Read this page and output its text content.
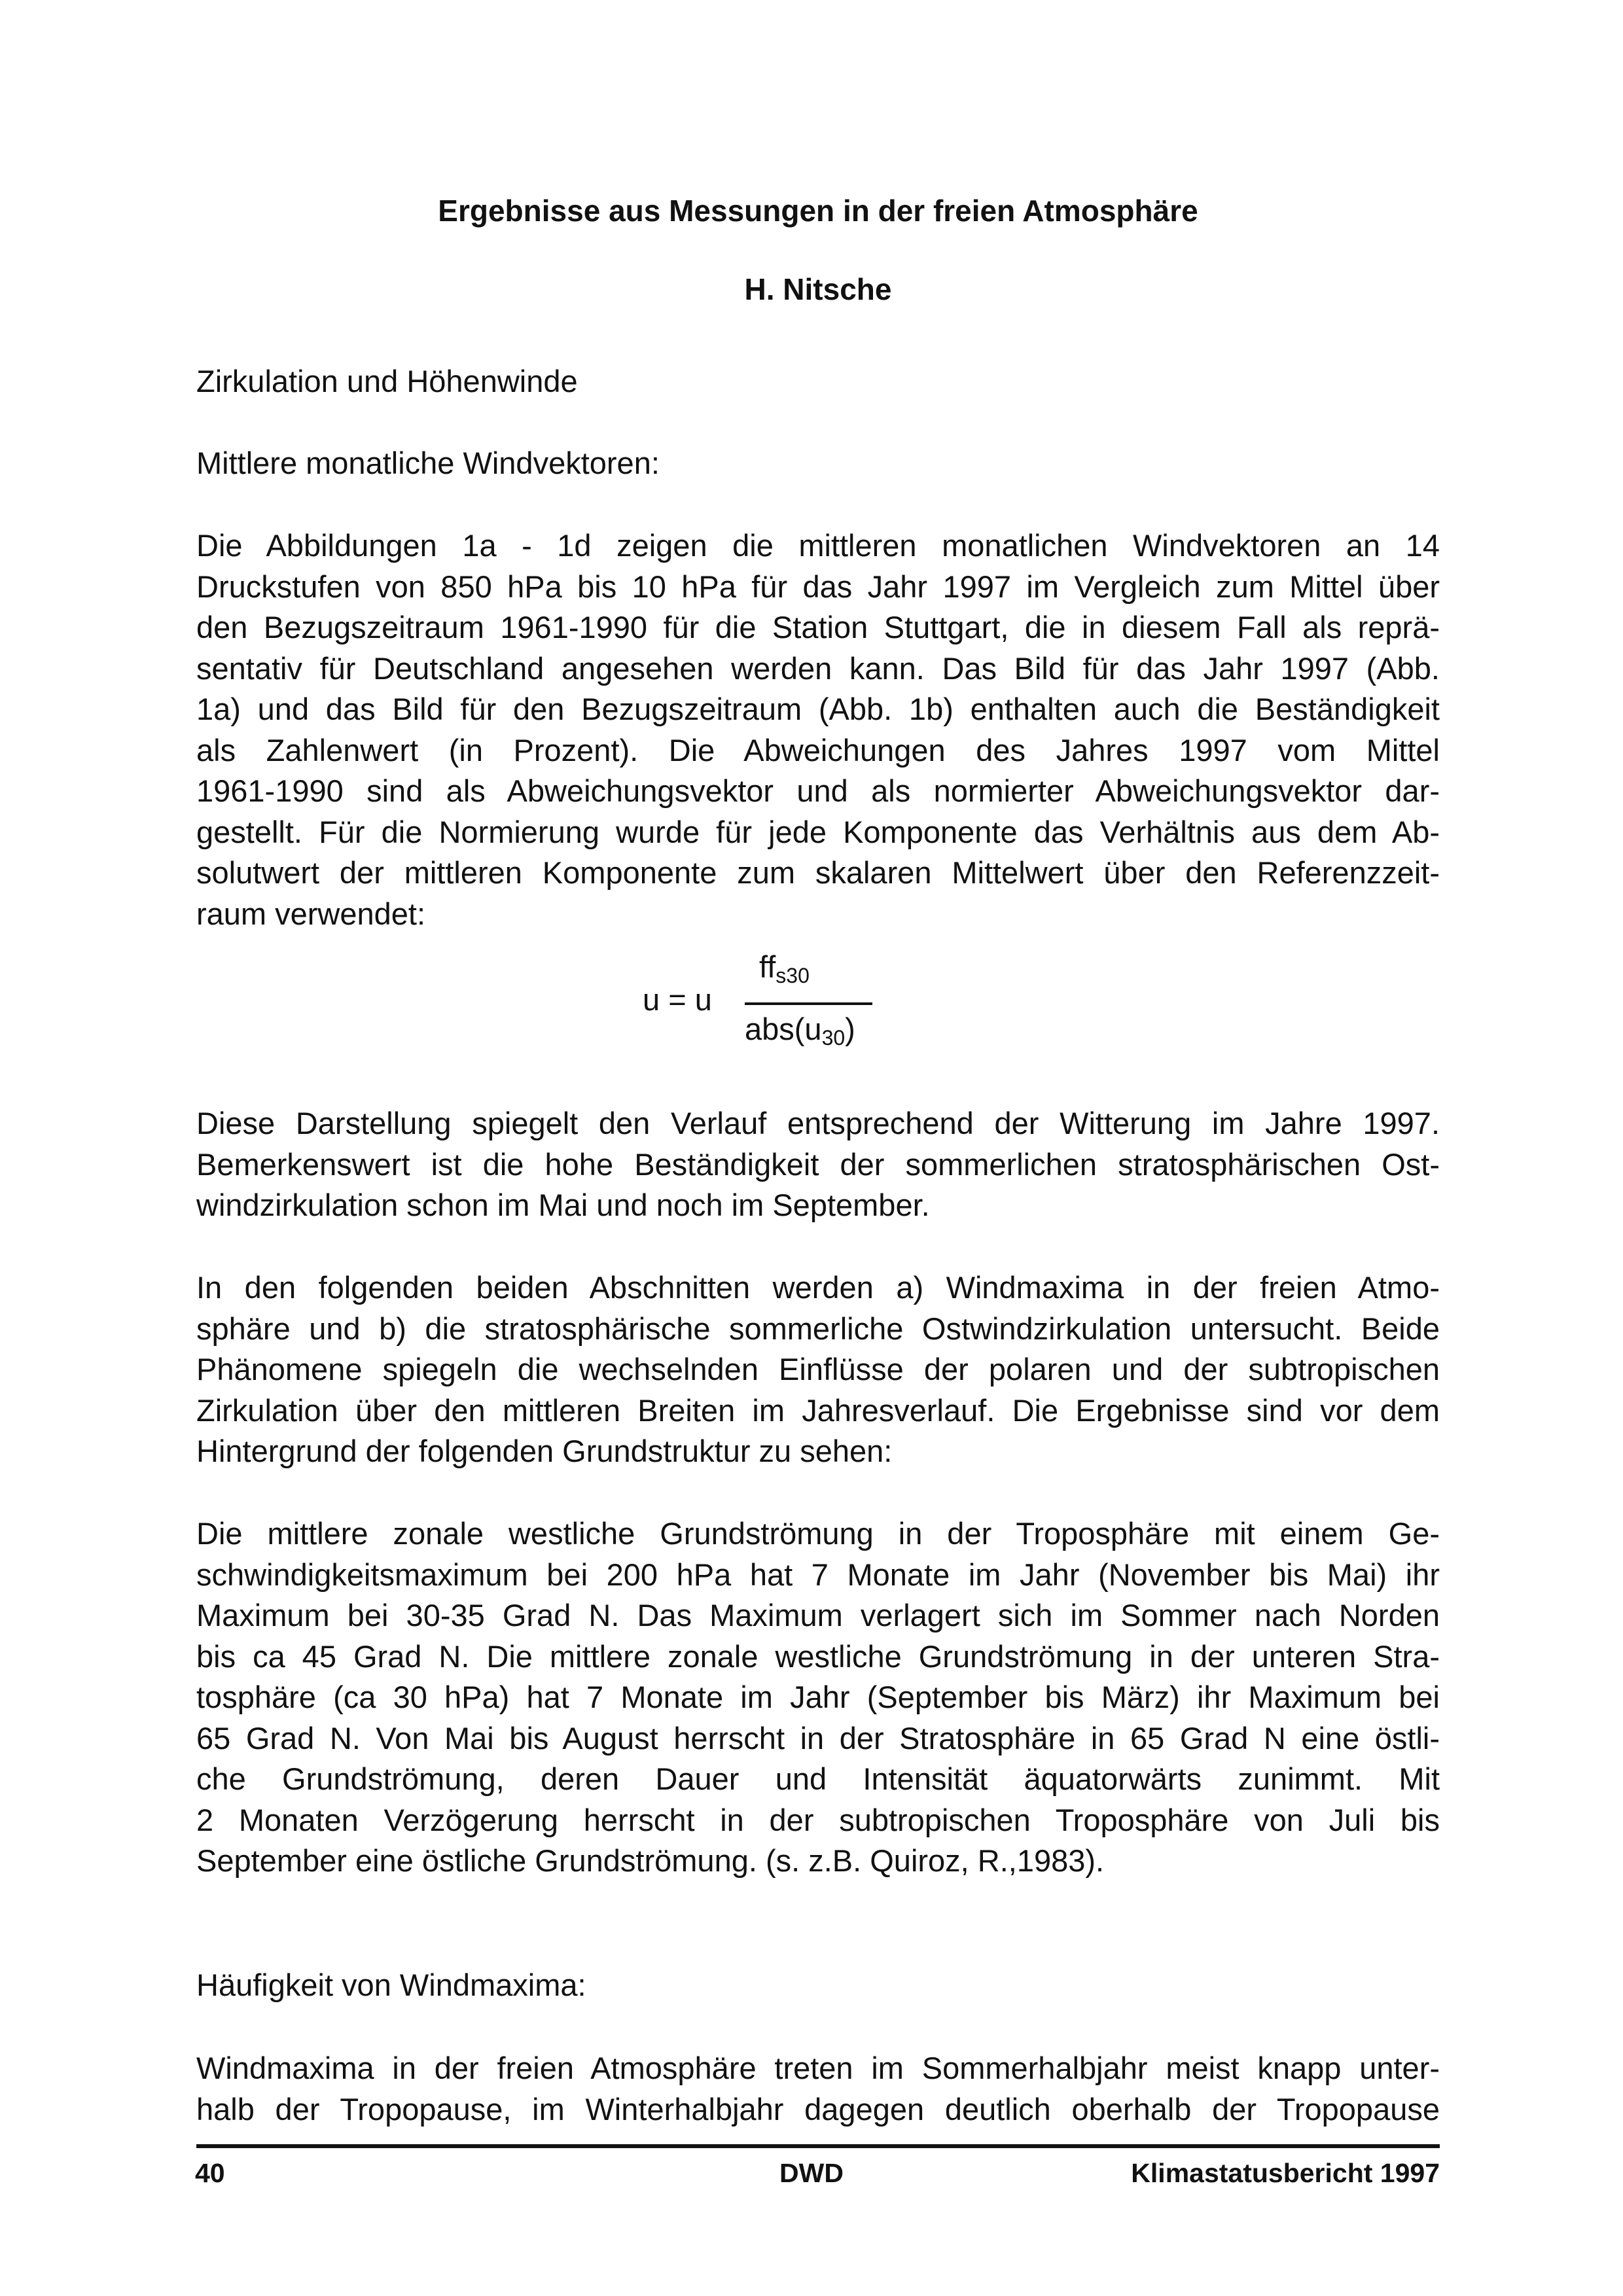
Ergebnisse aus Messungen in der freien Atmosphäre
H. Nitsche
Zirkulation und Höhenwinde
Mittlere monatliche Windvektoren:
Die Abbildungen 1a - 1d zeigen die mittleren monatlichen Windvektoren an 14
Druckstufen von 850 hPa bis 10 hPa für das Jahr 1997 im Vergleich zum Mittel über
den Bezugszeitraum 1961-1990 für die Station Stuttgart, die in diesem Fall als reprä-
sentativ für Deutschland angesehen werden kann. Das Bild für das Jahr 1997 (Abb.
1a) und das Bild für den Bezugszeitraum (Abb. 1b) enthalten auch die Beständigkeit
als Zahlenwert (in Prozent). Die Abweichungen des Jahres 1997 vom Mittel
1961-1990 sind als Abweichungsvektor und als normierter Abweichungsvektor dar-
gestellt. Für die Normierung wurde für jede Komponente das Verhältnis aus dem Ab-
solutwert der mittleren Komponente zum skalaren Mittelwert über den Referenzzeit-
raum verwendet:
u = u
$ff_{s30}$
$abs(u_{30})$
Diese Darstellung spiegelt den Verlauf entsprechend der Witterung im Jahre 1997.
Bemerkenswert ist die hohe Beständigkeit der sommerlichen stratosphärischen Ost-
windzirkulation schon im Mai und noch im September.
In den folgenden beiden Abschnitten werden a) Windmaxima in der freien Atmo-
sphäre und b) die stratosphärische sommerliche Ostwindzirkulation untersucht. Beide
Phänomene spiegeln die wechselnden Einflüsse der polaren und der subtropischen
Zirkulation über den mittleren Breiten im Jahresverlauf. Die Ergebnisse sind vor dem
Hintergrund der folgenden Grundstruktur zu sehen:
Die mittlere zonale westliche Grundströmung in der Troposphäre mit einem Ge-
schwindigkeitsmaximum bei 200 hPa hat 7 Monate im Jahr (November bis Mai) ihr
Maximum bei 30-35 Grad N. Das Maximum verlagert sich im Sommer nach Norden
bis ca 45 Grad N. Die mittlere zonale westliche Grundströmung in der unteren Stra-
tosphäre (ca 30 hPa) hat 7 Monate im Jahr (September bis März) ihr Maximum bei
65 Grad N. Von Mai bis August herrscht in der Stratosphäre in 65 Grad N eine östli-
che Grundströmung, deren Dauer und Intensität äquatorwärts zunimmt. Mit
2 Monaten Verzögerung herrscht in der subtropischen Troposphäre von Juli bis
September eine östliche Grundströmung. (s. z.B. Quiroz, R.,1983).
Häufigkeit von Windmaxima:
Windmaxima in der freien Atmosphäre treten im Sommerhalbjahr meist knapp unter-
halb der Tropopause, im Winterhalbjahr dagegen deutlich oberhalb der Tropopause
40	DWD	Klimastatusbericht 1997
